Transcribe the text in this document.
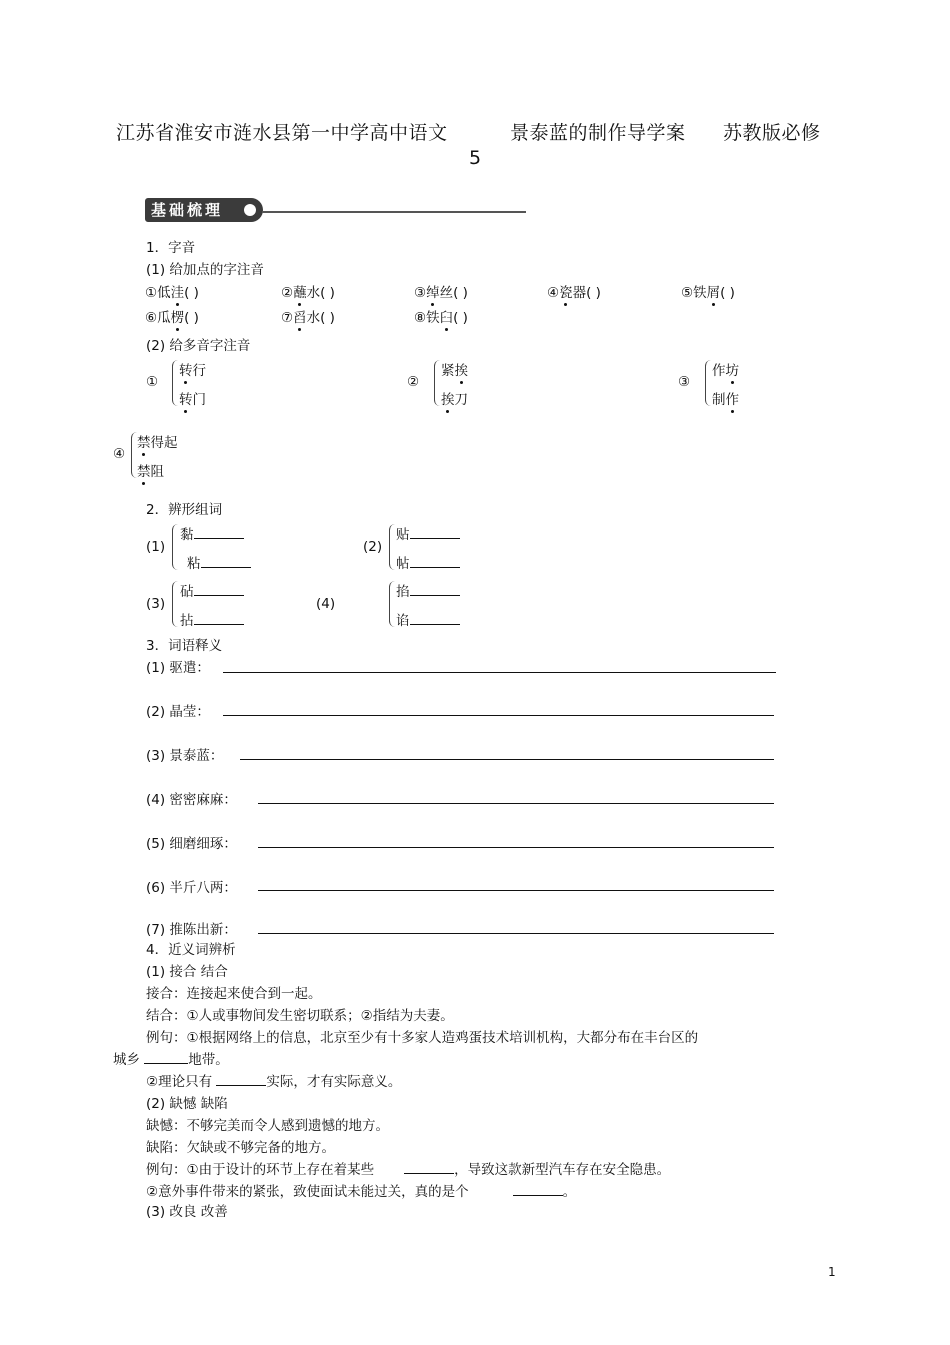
江苏省淮安市涟水县第一中学高中语文	景泰蓝的制作导学案 苏教版必修
5
基础梳理
1．字音
(1) 给加点的字注音
①低洼( )	②蘸水( )	③绰丝( )	④瓷器( )	⑤铁屑( )
⑥瓜楞( )	⑦舀水( )	⑧铁臼( )
(2) 给多音字注音
①
转行
转门
②
紧挨
挨刀
③
作坊
制作
④
禁得起
禁阻
2．辨形组词
(1)
黏
粘
(2)
贴
帖
(3)
砧
拈
(4)
掐
谄
3．词语释义
(1) 驱遣：
(2) 晶莹：
(3) 景泰蓝：
(4) 密密麻麻：
(5) 细磨细琢：
(6) 半斤八两：
(7) 推陈出新：
4．近义词辨析
(1) 接合 结合
接合：连接起来使合到一起。
结合：①人或事物间发生密切联系；②指结为夫妻。
例句：①根据网络上的信息，北京至少有十多家人造鸡蛋技术培训机构，大都分布在丰台区的
城乡	地带。
②理论只有	实际，才有实际意义。
(2) 缺憾 缺陷
缺憾：不够完美而令人感到遗憾的地方。
缺陷：欠缺或不够完备的地方。
例句：①由于设计的环节上存在着某些	，导致这款新型汽车存在安全隐患。
②意外事件带来的紧张，致使面试未能过关，真的是个	。
(3) 改良 改善
1
